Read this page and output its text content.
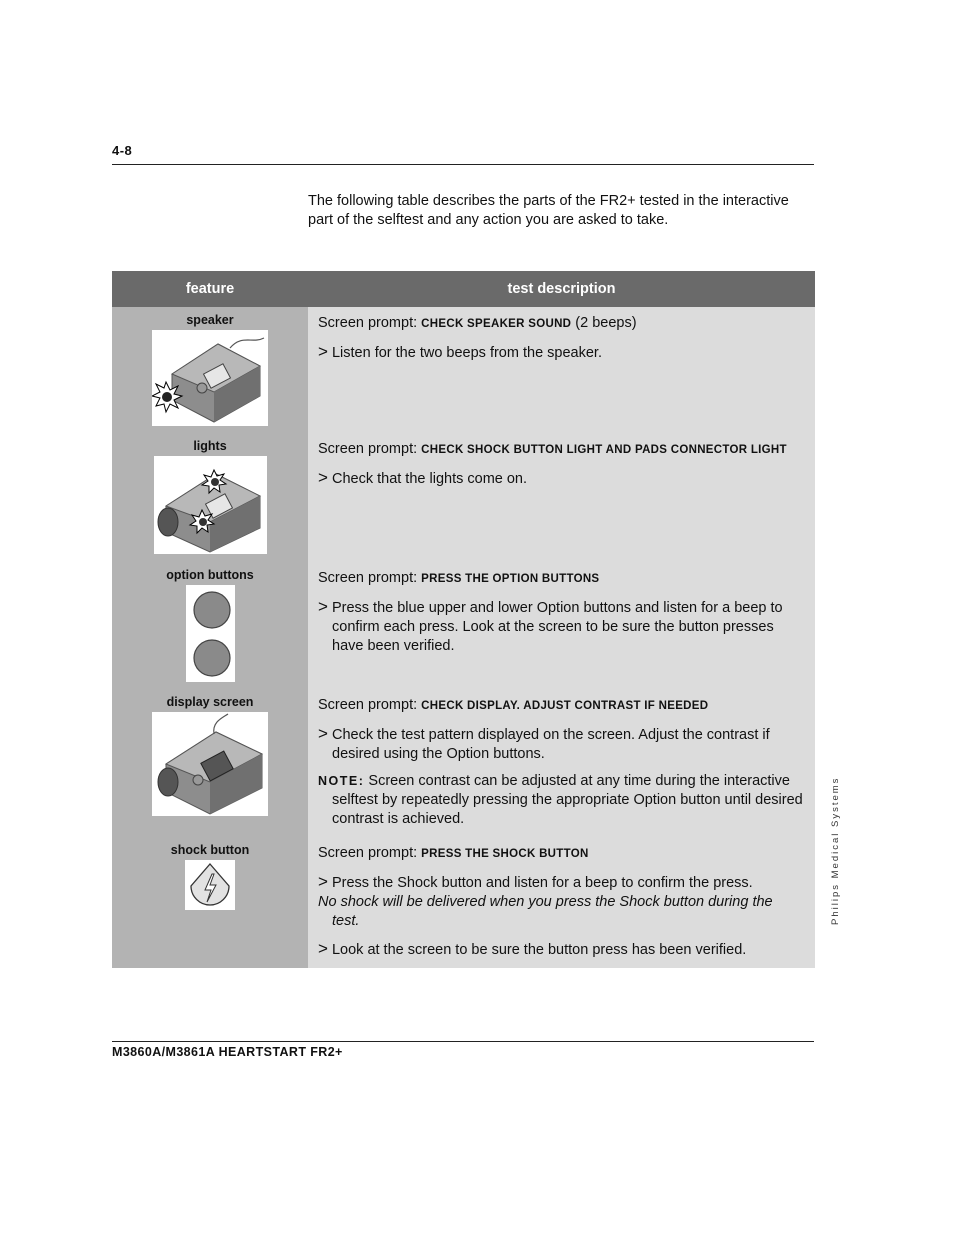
4-8
The following table describes the parts of the FR2+ tested in the interactive part of the selftest and any action you are asked to take.
feature	test description

speaker	Screen prompt: CHECK SPEAKER SOUND (2 beeps)
> Listen for the two beeps from the speaker.

lights	Screen prompt: CHECK SHOCK BUTTON LIGHT AND PADS CONNECTOR LIGHT
> Check that the lights come on.

option buttons	Screen prompt: PRESS THE OPTION BUTTONS
> Press the blue upper and lower Option buttons and listen for a beep to confirm each press. Look at the screen to be sure the button presses have been verified.

display screen	Screen prompt: CHECK DISPLAY. ADJUST CONTRAST IF NEEDED
> Check the test pattern displayed on the screen. Adjust the contrast if desired using the Option buttons.
NOTE: Screen contrast can be adjusted at any time during the interactive selftest by repeatedly pressing the appropriate Option button until desired contrast is achieved.

shock button	Screen prompt: PRESS THE SHOCK BUTTON
> Press the Shock button and listen for a beep to confirm the press.
No shock will be delivered when you press the Shock button during the test.
> Look at the screen to be sure the button press has been verified.
Philips Medical Systems
M3860A/M3861A HEARTSTART FR2+
